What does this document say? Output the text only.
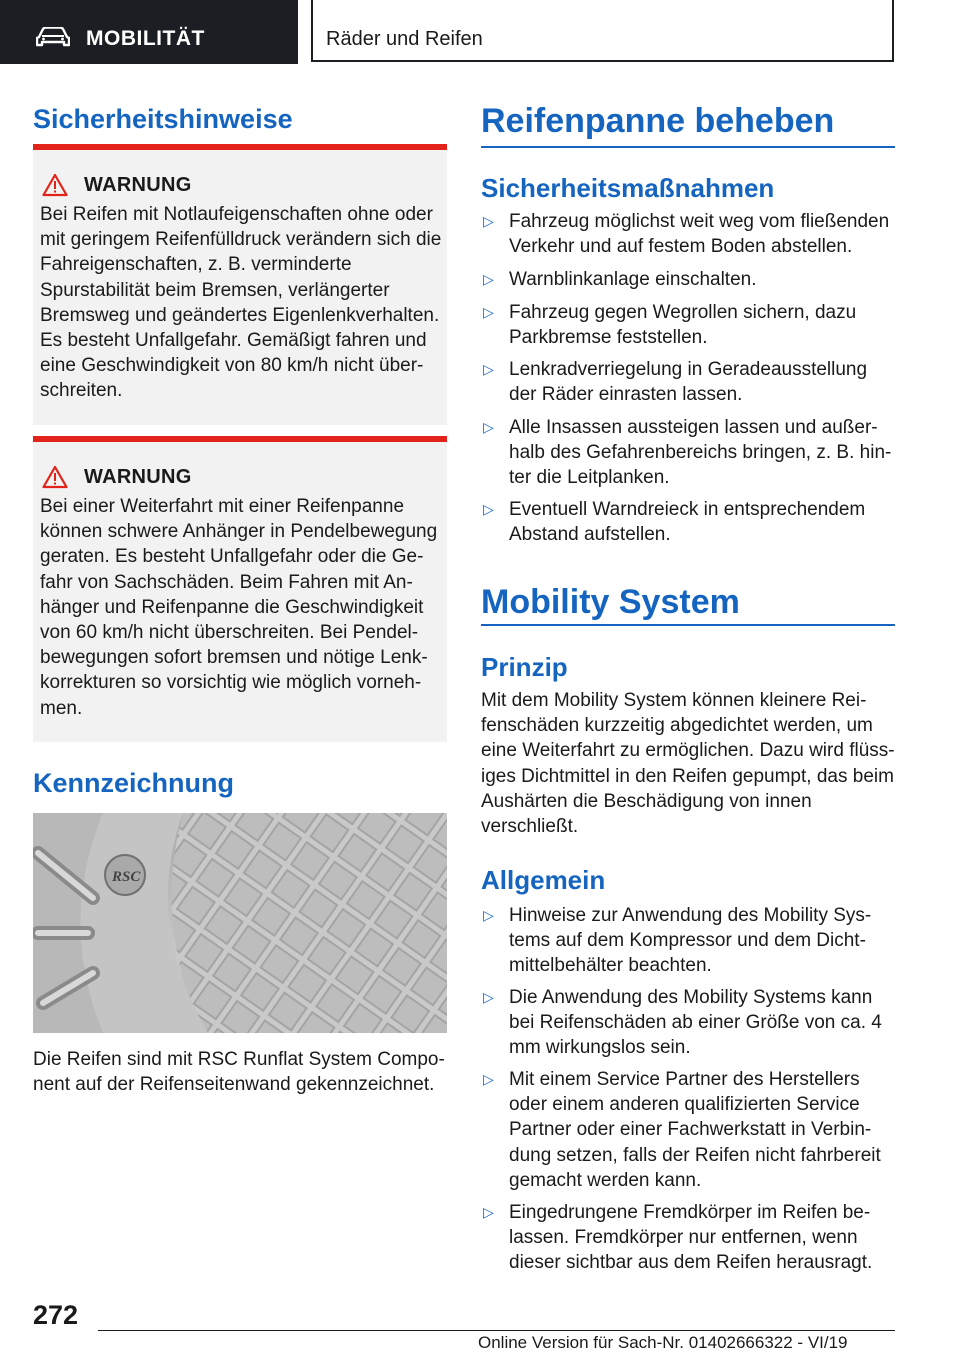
MOBILITÄT	Räder und Reifen
Sicherheitshinweise
WARNUNG
Bei Reifen mit Notlaufeigenschaften ohne oder mit geringem Reifenfülldruck verändern sich die Fahreigenschaften, z. B. verminderte Spurstabilität beim Bremsen, verlängerter Bremsweg und geändertes Eigenlenkverhalten. Es besteht Unfallgefahr. Gemäßigt fahren und eine Geschwindigkeit von 80 km/h nicht über-schreiten.
WARNUNG
Bei einer Weiterfahrt mit einer Reifenpanne können schwere Anhänger in Pendelbewegung geraten. Es besteht Unfallgefahr oder die Ge-fahr von Sachschäden. Beim Fahren mit An-hänger und Reifenpanne die Geschwindigkeit von 60 km/h nicht überschreiten. Bei Pendel-bewegungen sofort bremsen und nötige Lenk-korrekturen so vorsichtig wie möglich vorneh-men.
Kennzeichnung
RSC
Die Reifen sind mit RSC Runflat System Compo-nent auf der Reifenseitenwand gekennzeichnet.
Reifenpanne beheben
Sicherheitsmaßnahmen
▷ Fahrzeug möglichst weit weg vom fließenden Verkehr und auf festem Boden abstellen.
▷ Warnblinkanlage einschalten.
▷ Fahrzeug gegen Wegrollen sichern, dazu Parkbremse feststellen.
▷ Lenkradverriegelung in Geradeausstellung der Räder einrasten lassen.
▷ Alle Insassen aussteigen lassen und außer-halb des Gefahrenbereichs bringen, z. B. hin-ter die Leitplanken.
▷ Eventuell Warndreieck in entsprechendem Abstand aufstellen.
Mobility System
Prinzip
Mit dem Mobility System können kleinere Rei-fenschäden kurzzeitig abgedichtet werden, um eine Weiterfahrt zu ermöglichen. Dazu wird flüss-iges Dichtmittel in den Reifen gepumpt, das beim Aushärten die Beschädigung von innen verschließt.
Allgemein
▷ Hinweise zur Anwendung des Mobility Sys-tems auf dem Kompressor und dem Dicht-mittelbehälter beachten.
▷ Die Anwendung des Mobility Systems kann bei Reifenschäden ab einer Größe von ca. 4 mm wirkungslos sein.
▷ Mit einem Service Partner des Herstellers oder einem anderen qualifizierten Service Partner oder einer Fachwerkstatt in Verbin-dung setzen, falls der Reifen nicht fahrbereit gemacht werden kann.
▷ Eingedrungene Fremdkörper im Reifen be-lassen. Fremdkörper nur entfernen, wenn dieser sichtbar aus dem Reifen herausragt.
272
Online Version für Sach-Nr. 01402666322 - VI/19
